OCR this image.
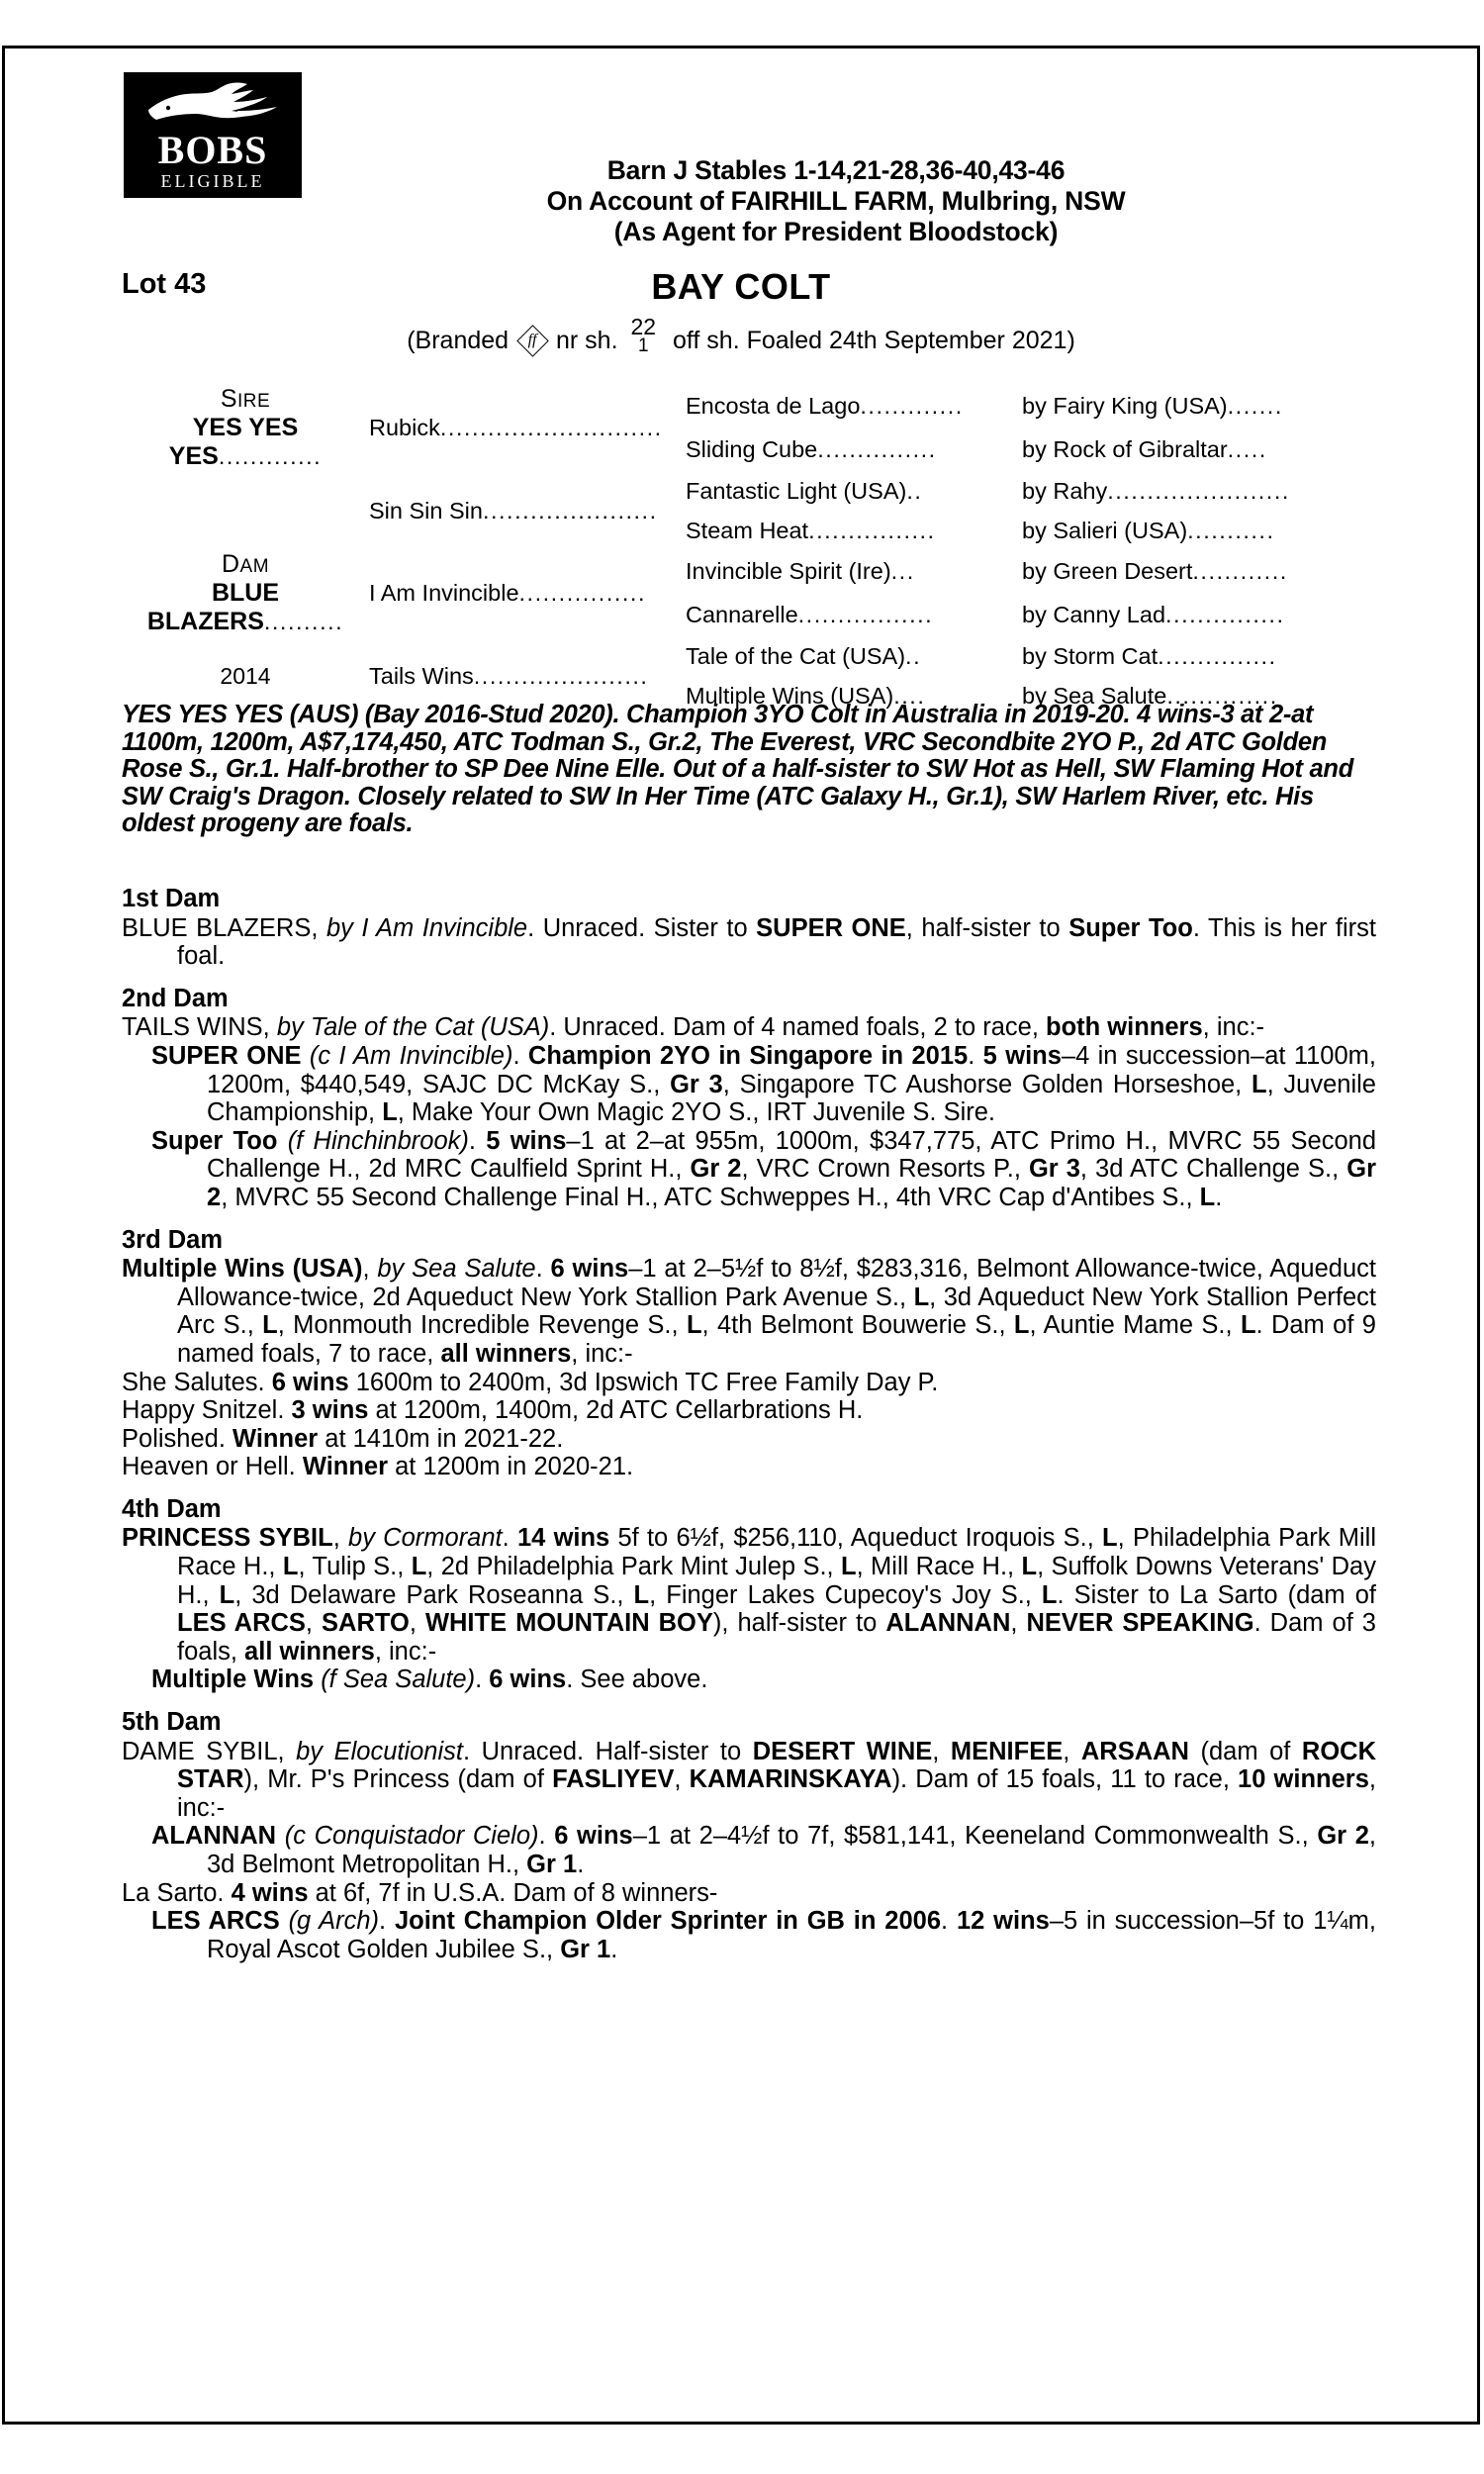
BOBS
ELIGIBLE	Barn J Stables 1-14,21-28,36-40,43-46
On Account of FAIRHILL FARM, Mulbring, NSW
(As Agent for President Bloodstock)
Lot 43	BAY COLT
(Branded	ff nr sh. 22
1 off sh. Foaled 24th September 2021)
SIRE
YES YES YES.............	Rubick............................	Encosta de Lago.............	by Fairy King (USA).......
		Sliding Cube...............	by Rock of Gibraltar.....
	Sin Sin Sin......................	Fantastic Light (USA)..	by Rahy.......................
		Steam Heat................	by Salieri (USA)...........

DAM
BLUE BLAZERS..........	I Am Invincible................	Invincible Spirit (Ire)...	by Green Desert............
		Cannarelle.................	by Canny Lad...............
2014	Tails Wins......................	Tale of the Cat (USA)..	by Storm Cat...............
		Multiple Wins (USA)....	by Sea Salute..............
YES YES YES (AUS) (Bay 2016-Stud 2020). Champion 3YO Colt in Australia in 2019-20. 4 wins-3 at 2-at 1100m, 1200m, A$7,174,450, ATC Todman S., Gr.2, The Everest, VRC Secondbite 2YO P., 2d ATC Golden Rose S., Gr.1. Half-brother to SP Dee Nine Elle. Out of a half-sister to SW Hot as Hell, SW Flaming Hot and SW Craig's Dragon. Closely related to SW In Her Time (ATC Galaxy H., Gr.1), SW Harlem River, etc. His oldest progeny are foals.
1st Dam

BLUE BLAZERS, by I Am Invincible. Unraced. Sister to SUPER ONE, half-sister to Super Too. This is her first foal.

2nd Dam

TAILS WINS, by Tale of the Cat (USA). Unraced. Dam of 4 named foals, 2 to race, both winners, inc:-

SUPER ONE (c I Am Invincible). Champion 2YO in Singapore in 2015. 5 wins–4 in succession–at 1100m, 1200m, $440,549, SAJC DC McKay S., Gr 3, Singapore TC Aushorse Golden Horseshoe, L, Juvenile Championship, L, Make Your Own Magic 2YO S., IRT Juvenile S. Sire.

Super Too (f Hinchinbrook). 5 wins–1 at 2–at 955m, 1000m, $347,775, ATC Primo H., MVRC 55 Second Challenge H., 2d MRC Caulfield Sprint H., Gr 2, VRC Crown Resorts P., Gr 3, 3d ATC Challenge S., Gr 2, MVRC 55 Second Challenge Final H., ATC Schweppes H., 4th VRC Cap d'Antibes S., L.

3rd Dam

Multiple Wins (USA), by Sea Salute. 6 wins–1 at 2–5½f to 8½f, $283,316, Belmont Allowance-twice, Aqueduct Allowance-twice, 2d Aqueduct New York Stallion Park Avenue S., L, 3d Aqueduct New York Stallion Perfect Arc S., L, Monmouth Incredible Revenge S., L, 4th Belmont Bouwerie S., L, Auntie Mame S., L. Dam of 9 named foals, 7 to race, all winners, inc:-

She Salutes. 6 wins 1600m to 2400m, 3d Ipswich TC Free Family Day P.

Happy Snitzel. 3 wins at 1200m, 1400m, 2d ATC Cellarbrations H.

Polished. Winner at 1410m in 2021-22.

Heaven or Hell. Winner at 1200m in 2020-21.

4th Dam

PRINCESS SYBIL, by Cormorant. 14 wins 5f to 6½f, $256,110, Aqueduct Iroquois S., L, Philadelphia Park Mill Race H., L, Tulip S., L, 2d Philadelphia Park Mint Julep S., L, Mill Race H., L, Suffolk Downs Veterans' Day H., L, 3d Delaware Park Roseanna S., L, Finger Lakes Cupecoy's Joy S., L. Sister to La Sarto (dam of LES ARCS, SARTO, WHITE MOUNTAIN BOY), half-sister to ALANNAN, NEVER SPEAKING. Dam of 3 foals, all winners, inc:-

Multiple Wins (f Sea Salute). 6 wins. See above.

5th Dam

DAME SYBIL, by Elocutionist. Unraced. Half-sister to DESERT WINE, MENIFEE, ARSAAN (dam of ROCK STAR), Mr. P's Princess (dam of FASLIYEV, KAMARINSKAYA). Dam of 15 foals, 11 to race, 10 winners, inc:-

ALANNAN (c Conquistador Cielo). 6 wins–1 at 2–4½f to 7f, $581,141, Keeneland Commonwealth S., Gr 2, 3d Belmont Metropolitan H., Gr 1.

La Sarto. 4 wins at 6f, 7f in U.S.A. Dam of 8 winners-

LES ARCS (g Arch). Joint Champion Older Sprinter in GB in 2006. 12 wins–5 in succession–5f to 1¼m, Royal Ascot Golden Jubilee S., Gr 1.
